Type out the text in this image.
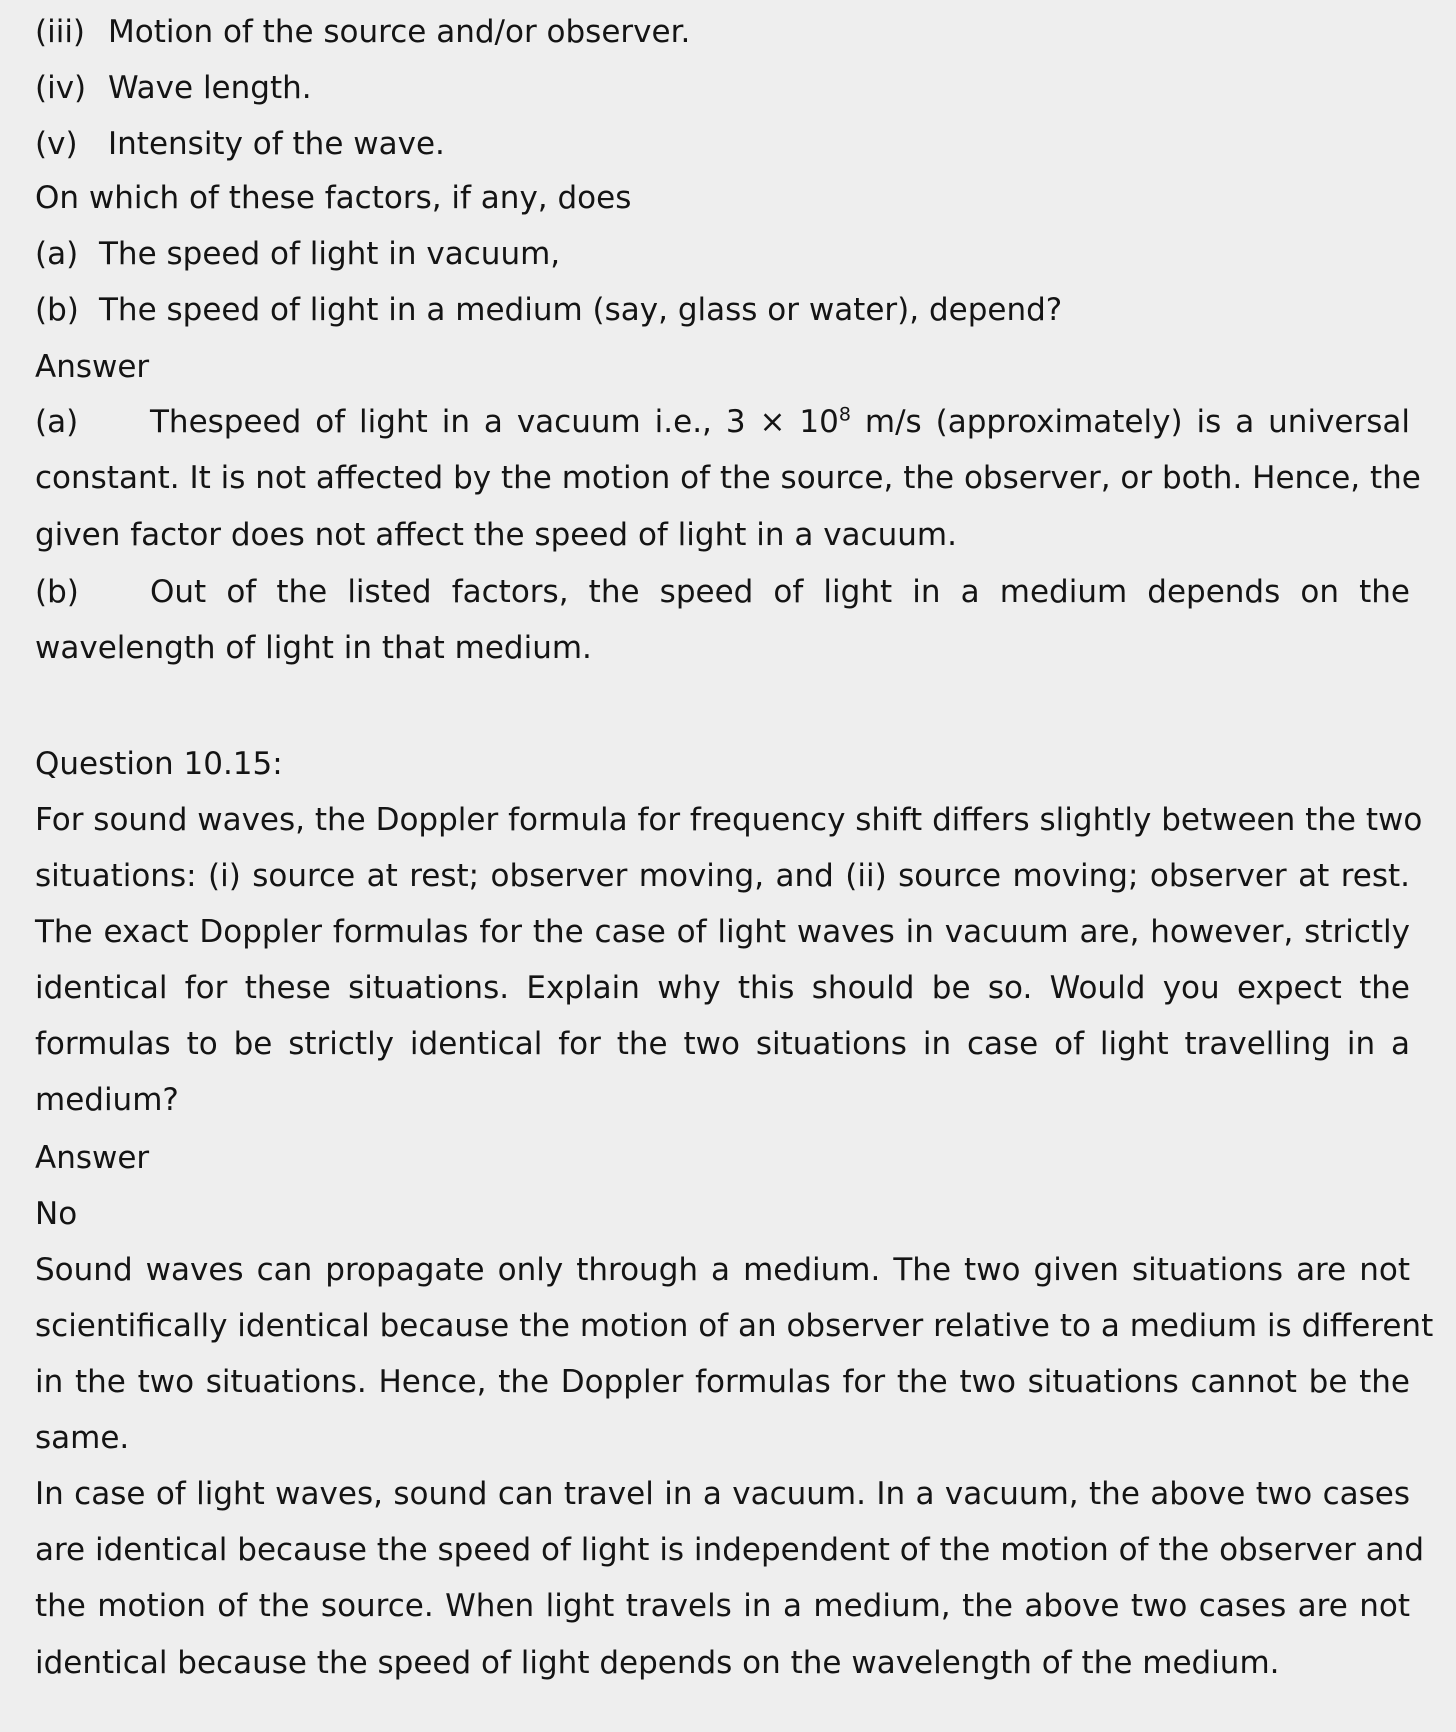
(iii) Motion of the source and/or observer.
(iv) Wave length.
(v) Intensity of the wave.
On which of these factors, if any, does
(a) The speed of light in vacuum,
(b) The speed of light in a medium (say, glass or water), depend?
Answer
(a) Thespeed of light in a vacuum i.e., $3 \times 10^8$ m/s (approximately) is a universal
constant. It is not affected by the motion of the source, the observer, or both. Hence, the
given factor does not affect the speed of light in a vacuum.
(b) Out of the listed factors, the speed of light in a medium depends on the
wavelength of light in that medium.
Question 10.15:
For sound waves, the Doppler formula for frequency shift differs slightly between the two
situations: (i) source at rest; observer moving, and (ii) source moving; observer at rest.
The exact Doppler formulas for the case of light waves in vacuum are, however, strictly
identical for these situations. Explain why this should be so. Would you expect the
formulas to be strictly identical for the two situations in case of light travelling in a
medium?
Answer
No
Sound waves can propagate only through a medium. The two given situations are not
scientifically identical because the motion of an observer relative to a medium is different
in the two situations. Hence, the Doppler formulas for the two situations cannot be the
same.
In case of light waves, sound can travel in a vacuum. In a vacuum, the above two cases
are identical because the speed of light is independent of the motion of the observer and
the motion of the source. When light travels in a medium, the above two cases are not
identical because the speed of light depends on the wavelength of the medium.
